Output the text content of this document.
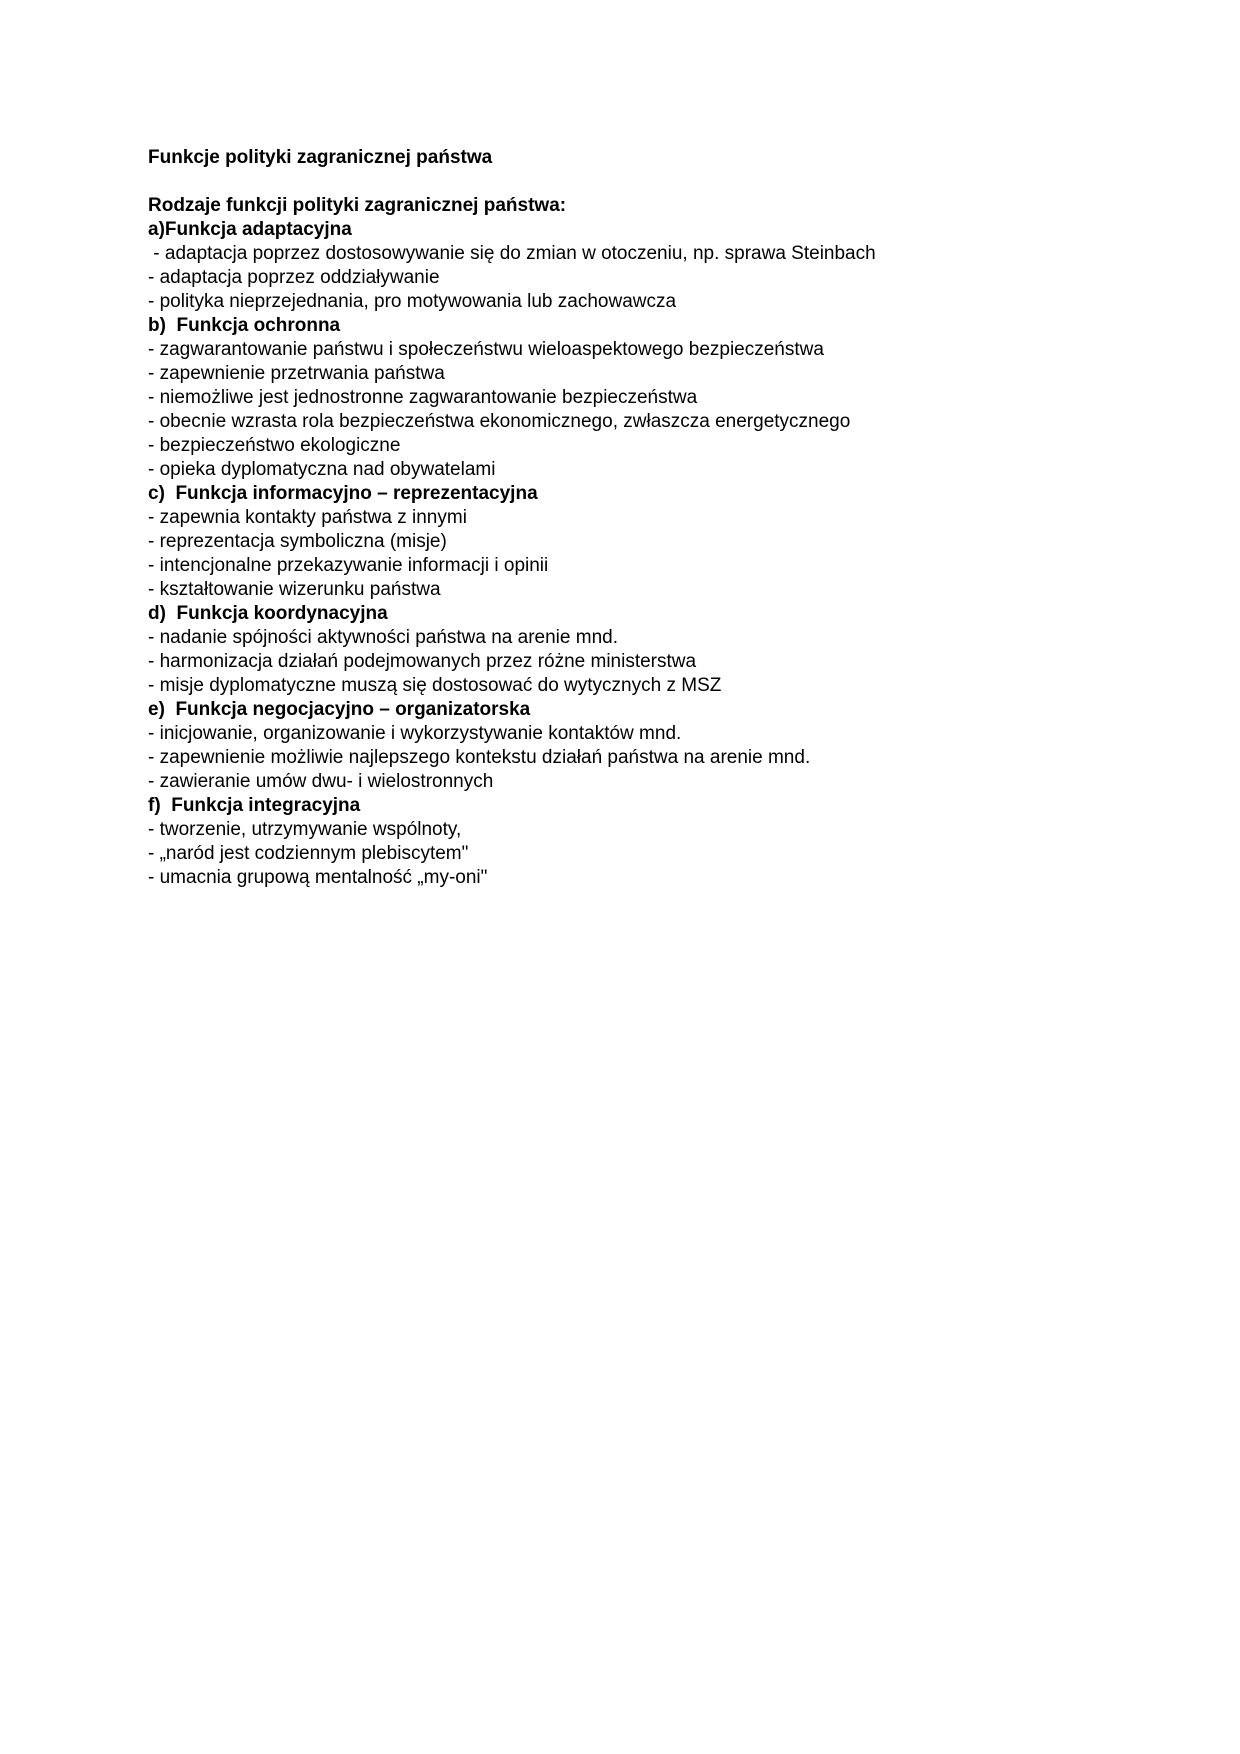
Funkcje polityki zagranicznej państwa
Rodzaje funkcji polityki zagranicznej państwa:
a)Funkcja adaptacyjna
- adaptacja poprzez dostosowywanie się do zmian w otoczeniu, np. sprawa Steinbach
- adaptacja poprzez oddziaływanie
- polityka nieprzejednania, pro motywowania lub zachowawcza
b)  Funkcja ochronna
- zagwarantowanie państwu i społeczeństwu wieloaspektowego bezpieczeństwa
- zapewnienie przetrwania państwa
- niemożliwe jest jednostronne zagwarantowanie bezpieczeństwa
- obecnie wzrasta rola bezpieczeństwa ekonomicznego, zwłaszcza energetycznego
- bezpieczeństwo ekologiczne
- opieka dyplomatyczna nad obywatelami
c)  Funkcja informacyjno – reprezentacyjna
- zapewnia kontakty państwa z innymi
- reprezentacja symboliczna (misje)
- intencjonalne przekazywanie informacji i opinii
- kształtowanie wizerunku państwa
d)  Funkcja koordynacyjna
- nadanie spójności aktywności państwa na arenie mnd.
- harmonizacja działań podejmowanych przez różne ministerstwa
- misje dyplomatyczne muszą się dostosować do wytycznych z MSZ
e)  Funkcja negocjacyjno – organizatorska
- inicjowanie, organizowanie i wykorzystywanie kontaktów mnd.
- zapewnienie możliwie najlepszego kontekstu działań państwa na arenie mnd.
- zawieranie umów dwu- i wielostronnych
f)  Funkcja integracyjna
- tworzenie, utrzymywanie wspólnoty,
- „naród jest codziennym plebiscytem"
- umacnia grupową mentalność „my-oni"
